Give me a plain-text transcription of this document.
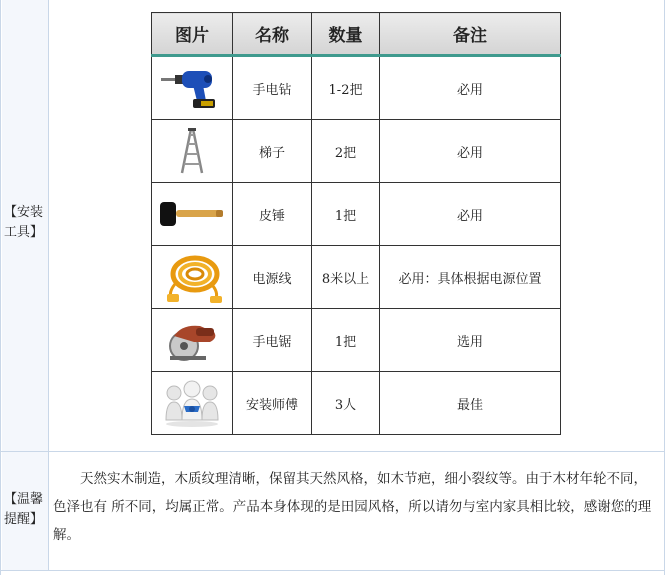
【安装工具】
图片	名称	数量	备注

	手电钻	1-2把	必用

	梯子	2把	必用

	皮锤	1把	必用

	电源线	8米以上	必用：具体根据电源位置

	手电锯	1把	选用

	安装师傅	3人	最佳
【温馨提醒】
天然实木制造，木质纹理清晰，保留其天然风格，如木节疤，细小裂纹等。由于木材年轮不同，色泽也有 所不同，均属正常。产品本身体现的是田园风格，所以请勿与室内家具相比较，感谢您的理解。
